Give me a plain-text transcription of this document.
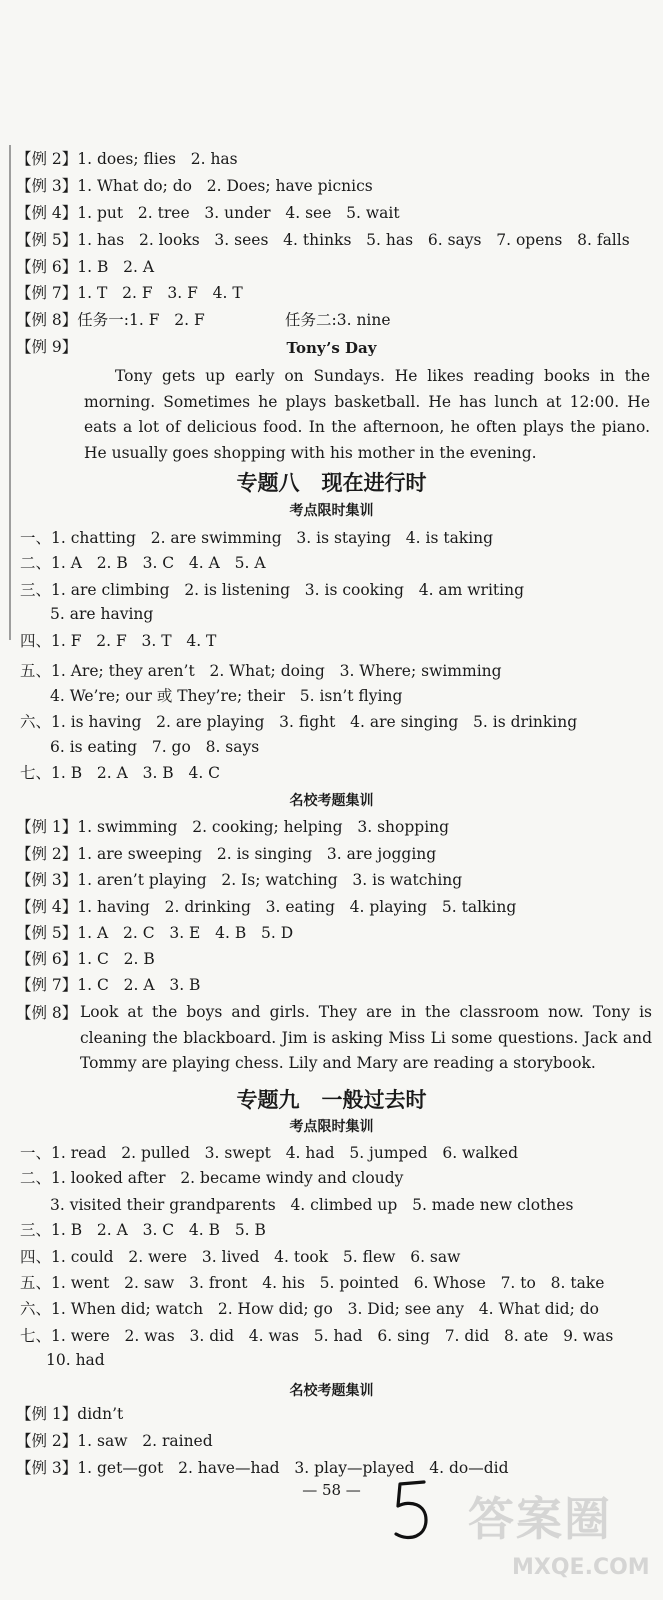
【例 2】1. does; flies   2. has
【例 3】1. What do; do   2. Does; have picnics
【例 4】1. put   2. tree   3. under   4. see   5. wait
【例 5】1. has   2. looks   3. sees   4. thinks   5. has   6. says   7. opens   8. falls
【例 6】1. B   2. A
【例 7】1. T   2. F   3. F   4. T
【例 8】任务一:1. F   2. F	任务二:3. nine
【例 9】	Tony’s Day
Tony gets up early on Sundays. He likes reading books in the morning. Sometimes he plays basketball. He has lunch at 12:00. He eats a lot of delicious food. In the afternoon, he often plays the piano. He usually goes shopping with his mother in the evening.
专题八   现在进行时
考点限时集训
一、1. chatting   2. are swimming   3. is staying   4. is taking
二、1. A   2. B   3. C   4. A   5. A
三、1. are climbing   2. is listening   3. is cooking   4. am writing
5. are having
四、1. F   2. F   3. T   4. T
五、1. Are; they aren’t   2. What; doing   3. Where; swimming
4. We’re; our 或 They’re; their   5. isn’t flying
六、1. is having   2. are playing   3. fight   4. are singing   5. is drinking
6. is eating   7. go   8. says
七、1. B   2. A   3. B   4. C
名校考题集训
【例 1】1. swimming   2. cooking; helping   3. shopping
【例 2】1. are sweeping   2. is singing   3. are jogging
【例 3】1. aren’t playing   2. Is; watching   3. is watching
【例 4】1. having   2. drinking   3. eating   4. playing   5. talking
【例 5】1. A   2. C   3. E   4. B   5. D
【例 6】1. C   2. B
【例 7】1. C   2. A   3. B
【例 8】 Look at the boys and girls. They are in the classroom now. Tony is cleaning the blackboard. Jim is asking Miss Li some questions. Jack and Tommy are playing chess. Lily and Mary are reading a storybook.
专题九   一般过去时
考点限时集训
一、1. read   2. pulled   3. swept   4. had   5. jumped   6. walked
二、1. looked after   2. became windy and cloudy
3. visited their grandparents   4. climbed up   5. made new clothes
三、1. B   2. A   3. C   4. B   5. B
四、1. could   2. were   3. lived   4. took   5. flew   6. saw
五、1. went   2. saw   3. front   4. his   5. pointed   6. Whose   7. to   8. take
六、1. When did; watch   2. How did; go   3. Did; see any   4. What did; do
七、1. were   2. was   3. did   4. was   5. had   6. sing   7. did   8. ate   9. was
10. had
名校考题集训
【例 1】didn’t
【例 2】1. saw   2. rained
【例 3】1. get—got   2. have—had   3. play—played   4. do—did
— 58 —
答案圈
MXQE.COM
